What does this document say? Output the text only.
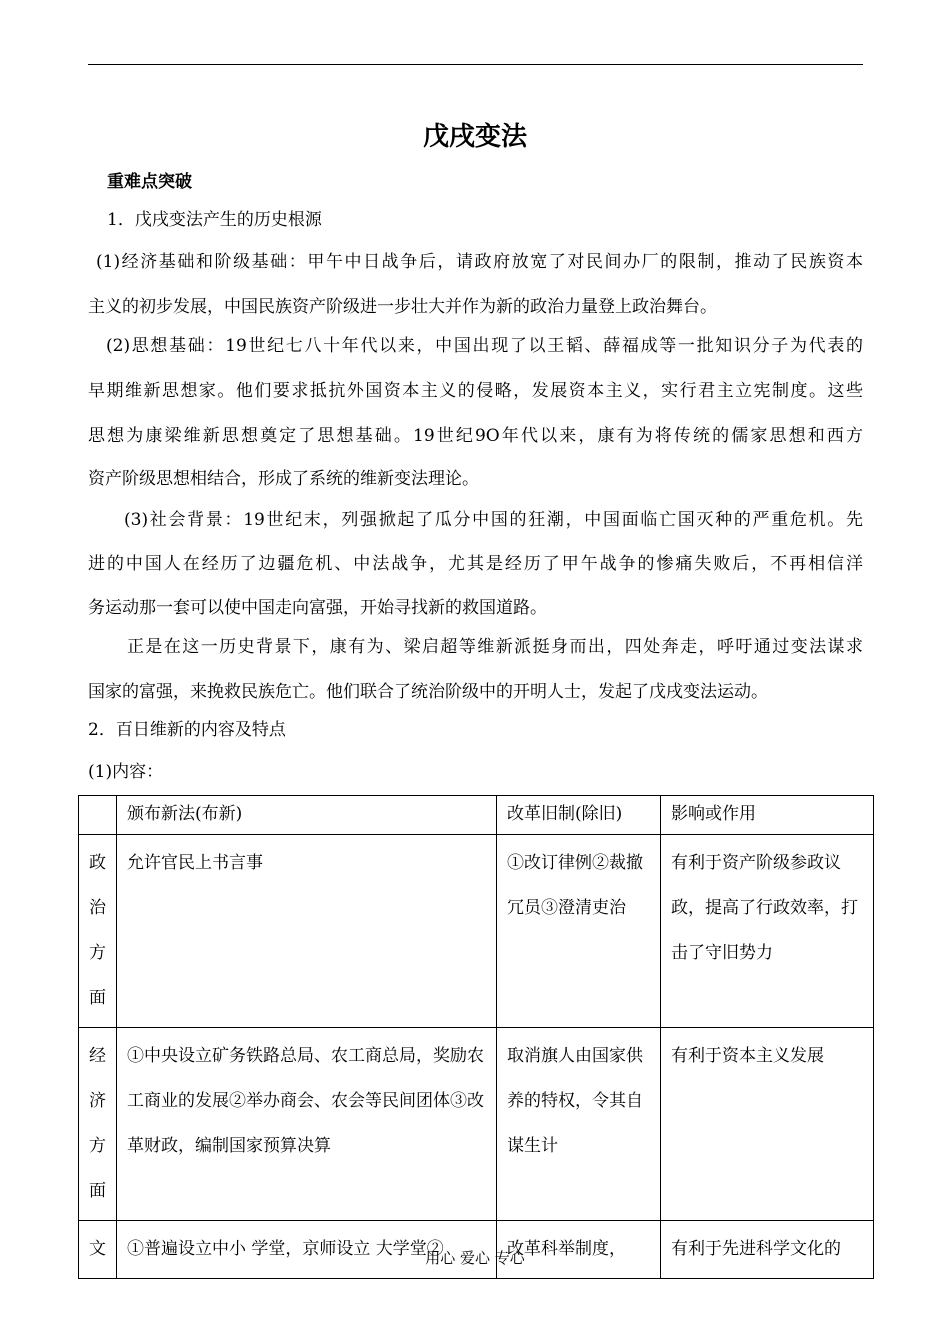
戊戌变法
重难点突破
1．戊戌变法产生的历史根源
(1)经济基础和阶级基础：甲午中日战争后，请政府放宽了对民间办厂的限制，推动了民族资本
主义的初步发展，中国民族资产阶级进一步壮大并作为新的政治力量登上政治舞台。
(2)思想基础：19世纪七八十年代以来，中国出现了以王韬、薛福成等一批知识分子为代表的
早期维新思想家。他们要求抵抗外国资本主义的侵略，发展资本主义，实行君主立宪制度。这些
思想为康梁维新思想奠定了思想基础。19世纪9O年代以来，康有为将传统的儒家思想和西方
资产阶级思想相结合，形成了系统的维新变法理论。
(3)社会背景：19世纪末，列强掀起了瓜分中国的狂潮，中国面临亡国灭种的严重危机。先
进的中国人在经历了边疆危机、中法战争，尤其是经历了甲午战争的惨痛失败后，不再相信洋
务运动那一套可以使中国走向富强，开始寻找新的救国道路。
正是在这一历史背景下，康有为、梁启超等维新派挺身而出，四处奔走，呼吁通过变法谋求
国家的富强，来挽救民族危亡。他们联合了统治阶级中的开明人士，发起了戊戌变法运动。
2．百日维新的内容及特点
(1)内容：
	颁布新法(布新)	改革旧制(除旧)	影响或作用

政
治
方
面	允许官民上书言事	①改订律例②裁撤冗员③澄清吏治	有利于资产阶级参政议政，提高了行政效率，打击了守旧势力

经
济
方
面	①中央设立矿务铁路总局、农工商总局，奖励农工商业的发展②举办商会、农会等民间团体③改革财政，编制国家预算决算	取消旗人由国家供养的特权，令其自谋生计	有利于资本主义发展

文	①普遍设立中小 学堂，京师设立 大学堂②	改革科举制度，	有利于先进科学文化的
用心 爱心 专心
